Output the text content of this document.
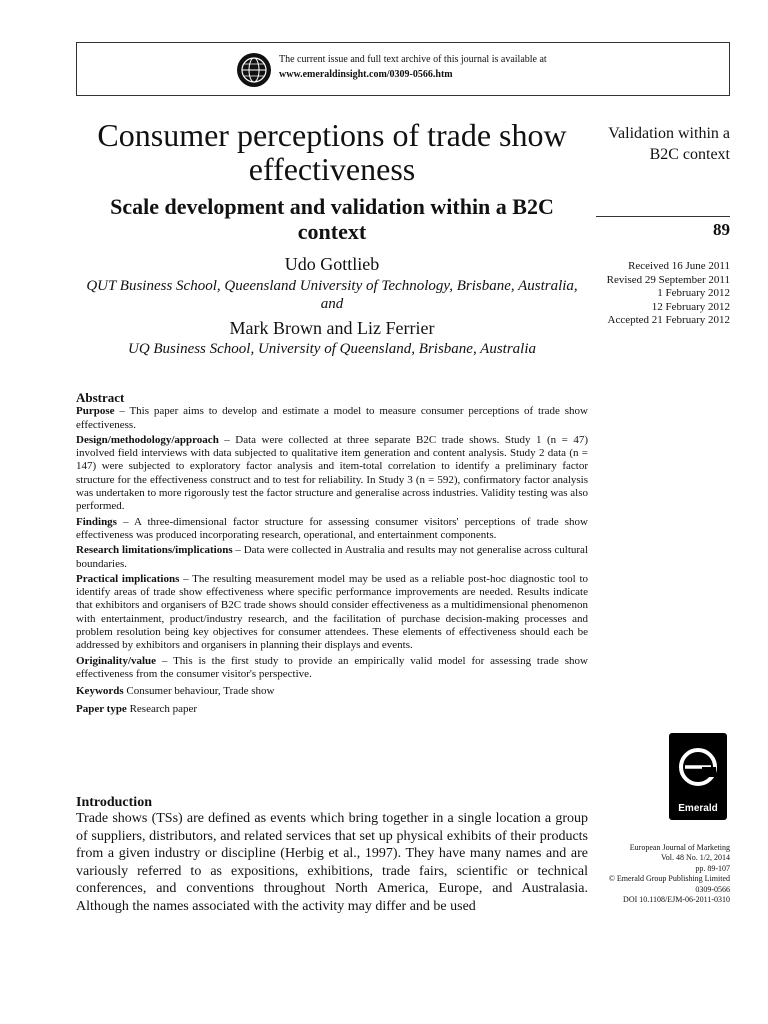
The current issue and full text archive of this journal is available at
www.emeraldinsight.com/0309-0566.htm
Consumer perceptions of trade show effectiveness
Scale development and validation within a B2C context
Udo Gottlieb
QUT Business School, Queensland University of Technology, Brisbane, Australia, and
Mark Brown and Liz Ferrier
UQ Business School, University of Queensland, Brisbane, Australia
Validation within a B2C context
89
Received 16 June 2011
Revised 29 September 2011
1 February 2012
12 February 2012
Accepted 21 February 2012
Emerald
European Journal of Marketing
Vol. 48 No. 1/2, 2014
pp. 89-107
© Emerald Group Publishing Limited
0309-0566
DOI 10.1108/EJM-06-2011-0310
Abstract

Purpose – This paper aims to develop and estimate a model to measure consumer perceptions of trade show effectiveness.

Design/methodology/approach – Data were collected at three separate B2C trade shows. Study 1 (n = 47) involved field interviews with data subjected to qualitative item generation and content analysis. Study 2 data (n = 147) were subjected to exploratory factor analysis and item-total correlation to identify a preliminary factor structure for the effectiveness construct and to test for reliability. In Study 3 (n = 592), confirmatory factor analysis was undertaken to more rigorously test the factor structure and generalise across industries. Validity testing was also performed.

Findings – A three-dimensional factor structure for assessing consumer visitors' perceptions of trade show effectiveness was produced incorporating research, operational, and entertainment components.

Research limitations/implications – Data were collected in Australia and results may not generalise across cultural boundaries.

Practical implications – The resulting measurement model may be used as a reliable post-hoc diagnostic tool to identify areas of trade show effectiveness where specific performance improvements are needed. Results indicate that exhibitors and organisers of B2C trade shows should consider effectiveness as a multidimensional phenomenon with entertainment, product/industry research, and the facilitation of purchase decision-making processes and problem resolution being key objectives for consumer attendees. These elements of effectiveness should each be addressed by exhibitors and organisers in planning their displays and events.

Originality/value – This is the first study to provide an empirically valid model for assessing trade show effectiveness from the consumer visitor's perspective.

Keywords Consumer behaviour, Trade show

Paper type Research paper

Introduction

Trade shows (TSs) are defined as events which bring together in a single location a group of suppliers, distributors, and related services that set up physical exhibits of their products from a given industry or discipline (Herbig et al., 1997). They have many names and are variously referred to as expositions, exhibitions, trade fairs, scientific or technical conferences, and conventions throughout North America, Europe, and Australasia. Although the names associated with the activity may differ and be used
